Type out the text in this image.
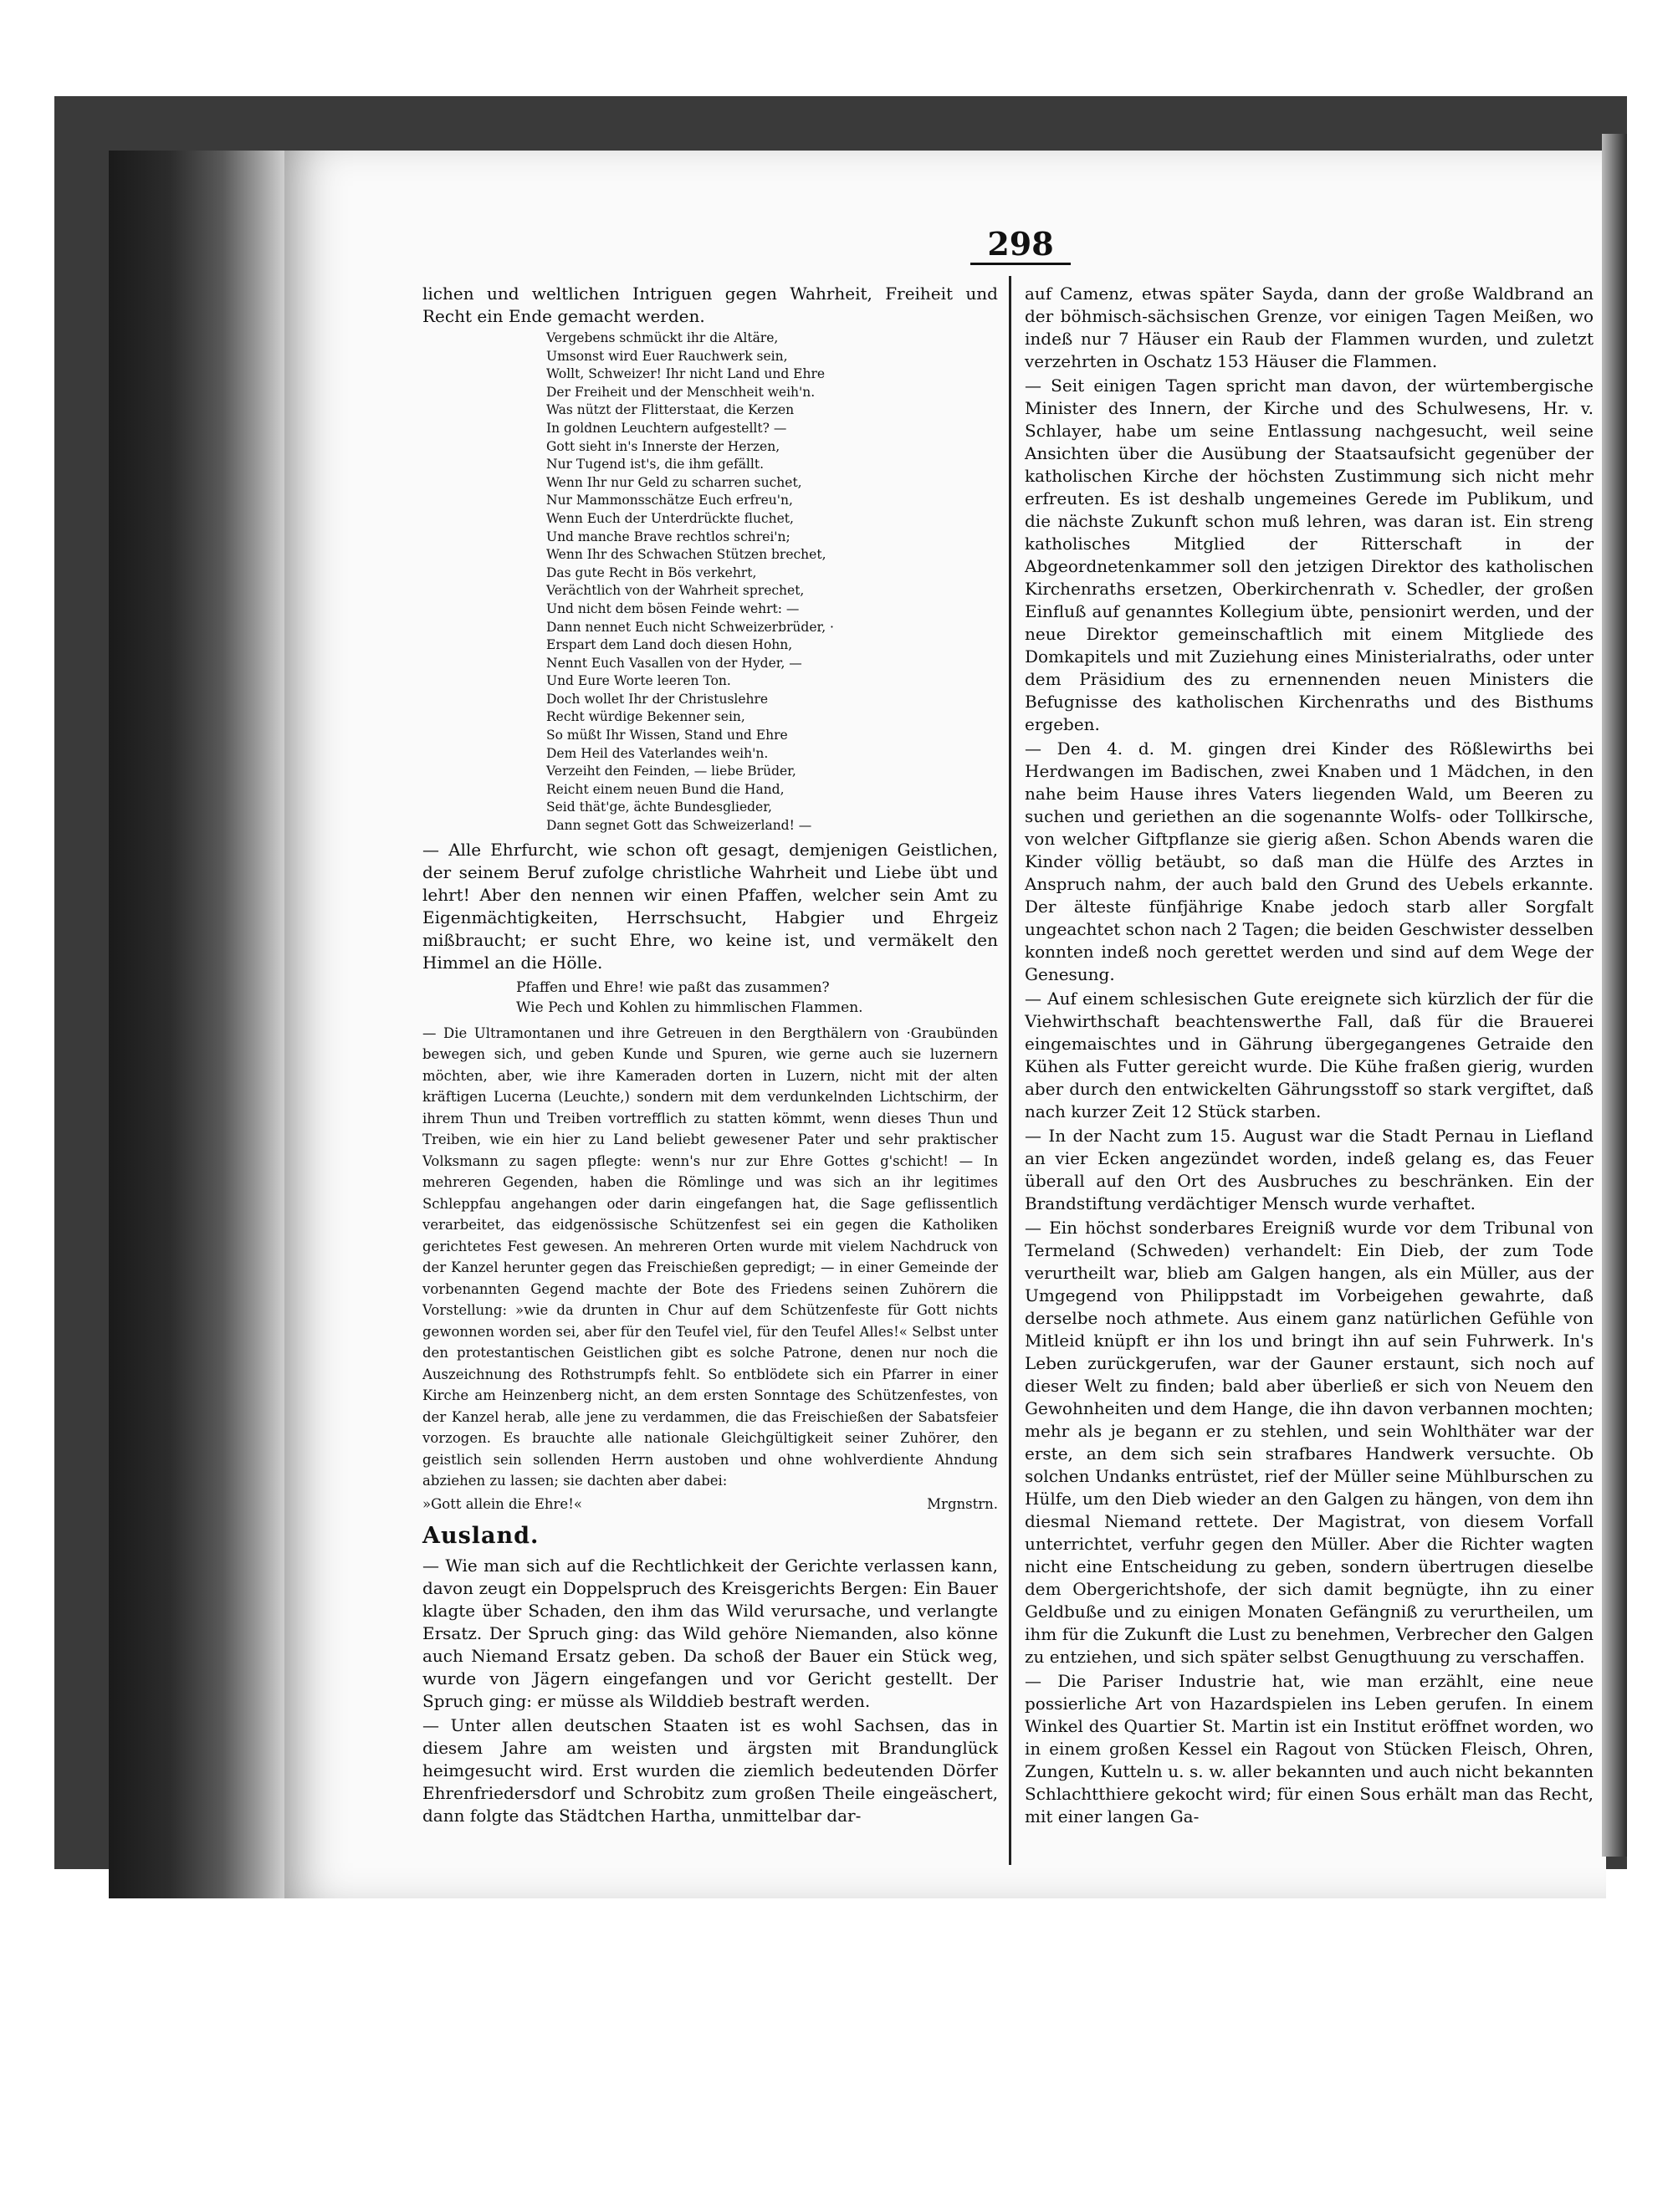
298

lichen und weltlichen Intriguen gegen Wahrheit, Freiheit und Recht ein Ende gemacht werden.

Vergebens schmückt ihr die Altäre,
Umsonst wird Euer Rauchwerk sein,
Wollt, Schweizer! Ihr nicht Land und Ehre
Der Freiheit und der Menschheit weih'n.
Was nützt der Flitterstaat, die Kerzen
In goldnen Leuchtern aufgestellt? —
Gott sieht in's Innerste der Herzen,
Nur Tugend ist's, die ihm gefällt.
Wenn Ihr nur Geld zu scharren suchet,
Nur Mammonsschätze Euch erfreu'n,
Wenn Euch der Unterdrückte fluchet,
Und manche Brave rechtlos schrei'n;
Wenn Ihr des Schwachen Stützen brechet,
Das gute Recht in Bös verkehrt,
Verächtlich von der Wahrheit sprechet,
Und nicht dem bösen Feinde wehrt: —
Dann nennet Euch nicht Schweizerbrüder, ·
Erspart dem Land doch diesen Hohn,
Nennt Euch Vasallen von der Hyder, —
Und Eure Worte leeren Ton.
Doch wollet Ihr der Christuslehre
Recht würdige Bekenner sein,
So müßt Ihr Wissen, Stand und Ehre
Dem Heil des Vaterlandes weih'n.
Verzeiht den Feinden, — liebe Brüder,
Reicht einem neuen Bund die Hand,
Seid thät'ge, ächte Bundesglieder,
Dann segnet Gott das Schweizerland! —

— Alle Ehrfurcht, wie schon oft gesagt, demjenigen Geistlichen, der seinem Beruf zufolge christliche Wahrheit und Liebe übt und lehrt! Aber den nennen wir einen Pfaffen, welcher sein Amt zu Eigenmächtigkeiten, Herrschsucht, Habgier und Ehrgeiz mißbraucht; er sucht Ehre, wo keine ist, und vermäkelt den Himmel an die Hölle.

Pfaffen und Ehre! wie paßt das zusammen?
Wie Pech und Kohlen zu himmlischen Flammen.

— Die Ultramontanen und ihre Getreuen in den Bergthälern von ·Graubünden bewegen sich, und geben Kunde und Spuren, wie gerne auch sie luzernern möchten, aber, wie ihre Kameraden dorten in Luzern, nicht mit der alten kräftigen Lucerna (Leuchte,) sondern mit dem verdunkelnden Lichtschirm, der ihrem Thun und Treiben vortrefflich zu statten kömmt, wenn dieses Thun und Treiben, wie ein hier zu Land beliebt gewesener Pater und sehr praktischer Volksmann zu sagen pflegte: wenn's nur zur Ehre Gottes g'schicht! — In mehreren Gegenden, haben die Römlinge und was sich an ihr legitimes Schleppfau angehangen oder darin eingefangen hat, die Sage geflissentlich verarbeitet, das eidgenössische Schützenfest sei ein gegen die Katholiken gerichtetes Fest gewesen. An mehreren Orten wurde mit vielem Nachdruck von der Kanzel herunter gegen das Freischießen gepredigt; — in einer Gemeinde der vorbenannten Gegend machte der Bote des Friedens seinen Zuhörern die Vorstellung: »wie da drunten in Chur auf dem Schützenfeste für Gott nichts gewonnen worden sei, aber für den Teufel viel, für den Teufel Alles!« Selbst unter den protestantischen Geistlichen gibt es solche Patrone, denen nur noch die Auszeichnung des Rothstrumpfs fehlt. So entblödete sich ein Pfarrer in einer Kirche am Heinzenberg nicht, an dem ersten Sonntage des Schützenfestes, von der Kanzel herab, alle jene zu verdammen, die das Freischießen der Sabatsfeier vorzogen. Es brauchte alle nationale Gleichgültigkeit seiner Zuhörer, den geistlich sein sollenden Herrn austoben und ohne wohlverdiente Ahndung abziehen zu lassen; sie dachten aber dabei:

»Gott allein die Ehre!«	Mrgnstrn.
Ausland.

— Wie man sich auf die Rechtlichkeit der Gerichte verlassen kann, davon zeugt ein Doppelspruch des Kreisgerichts Bergen: Ein Bauer klagte über Schaden, den ihm das Wild verursache, und verlangte Ersatz. Der Spruch ging: das Wild gehöre Niemanden, also könne auch Niemand Ersatz geben. Da schoß der Bauer ein Stück weg, wurde von Jägern eingefangen und vor Gericht gestellt. Der Spruch ging: er müsse als Wilddieb bestraft werden.

— Unter allen deutschen Staaten ist es wohl Sachsen, das in diesem Jahre am weisten und ärgsten mit Brandunglück heimgesucht wird. Erst wurden die ziemlich bedeutenden Dörfer Ehrenfriedersdorf und Schrobitz zum großen Theile eingeäschert, dann folgte das Städtchen Hartha, unmittelbar dar-

auf Camenz, etwas später Sayda, dann der große Waldbrand an der böhmisch-sächsischen Grenze, vor einigen Tagen Meißen, wo indeß nur 7 Häuser ein Raub der Flammen wurden, und zuletzt verzehrten in Oschatz 153 Häuser die Flammen.

— Seit einigen Tagen spricht man davon, der würtembergische Minister des Innern, der Kirche und des Schulwesens, Hr. v. Schlayer, habe um seine Entlassung nachgesucht, weil seine Ansichten über die Ausübung der Staatsaufsicht gegenüber der katholischen Kirche der höchsten Zustimmung sich nicht mehr erfreuten. Es ist deshalb ungemeines Gerede im Publikum, und die nächste Zukunft schon muß lehren, was daran ist. Ein streng katholisches Mitglied der Ritterschaft in der Abgeordnetenkammer soll den jetzigen Direktor des katholischen Kirchenraths ersetzen, Oberkirchenrath v. Schedler, der großen Einfluß auf genanntes Kollegium übte, pensionirt werden, und der neue Direktor gemeinschaftlich mit einem Mitgliede des Domkapitels und mit Zuziehung eines Ministerialraths, oder unter dem Präsidium des zu ernennenden neuen Ministers die Befugnisse des katholischen Kirchenraths und des Bisthums ergeben.

— Den 4. d. M. gingen drei Kinder des Rößlewirths bei Herdwangen im Badischen, zwei Knaben und 1 Mädchen, in den nahe beim Hause ihres Vaters liegenden Wald, um Beeren zu suchen und geriethen an die sogenannte Wolfs- oder Tollkirsche, von welcher Giftpflanze sie gierig aßen. Schon Abends waren die Kinder völlig betäubt, so daß man die Hülfe des Arztes in Anspruch nahm, der auch bald den Grund des Uebels erkannte. Der älteste fünfjährige Knabe jedoch starb aller Sorgfalt ungeachtet schon nach 2 Tagen; die beiden Geschwister desselben konnten indeß noch gerettet werden und sind auf dem Wege der Genesung.

— Auf einem schlesischen Gute ereignete sich kürzlich der für die Viehwirthschaft beachtenswerthe Fall, daß für die Brauerei eingemaischtes und in Gährung übergegangenes Getraide den Kühen als Futter gereicht wurde. Die Kühe fraßen gierig, wurden aber durch den entwickelten Gährungsstoff so stark vergiftet, daß nach kurzer Zeit 12 Stück starben.

— In der Nacht zum 15. August war die Stadt Pernau in Liefland an vier Ecken angezündet worden, indeß gelang es, das Feuer überall auf den Ort des Ausbruches zu beschränken. Ein der Brandstiftung verdächtiger Mensch wurde verhaftet.

— Ein höchst sonderbares Ereigniß wurde vor dem Tribunal von Termeland (Schweden) verhandelt: Ein Dieb, der zum Tode verurtheilt war, blieb am Galgen hangen, als ein Müller, aus der Umgegend von Philippstadt im Vorbeigehen gewahrte, daß derselbe noch athmete. Aus einem ganz natürlichen Gefühle von Mitleid knüpft er ihn los und bringt ihn auf sein Fuhrwerk. In's Leben zurückgerufen, war der Gauner erstaunt, sich noch auf dieser Welt zu finden; bald aber überließ er sich von Neuem den Gewohnheiten und dem Hange, die ihn davon verbannen mochten; mehr als je begann er zu stehlen, und sein Wohlthäter war der erste, an dem sich sein strafbares Handwerk versuchte. Ob solchen Undanks entrüstet, rief der Müller seine Mühlburschen zu Hülfe, um den Dieb wieder an den Galgen zu hängen, von dem ihn diesmal Niemand rettete. Der Magistrat, von diesem Vorfall unterrichtet, verfuhr gegen den Müller. Aber die Richter wagten nicht eine Entscheidung zu geben, sondern übertrugen dieselbe dem Obergerichtshofe, der sich damit begnügte, ihn zu einer Geldbuße und zu einigen Monaten Gefängniß zu verurtheilen, um ihm für die Zukunft die Lust zu benehmen, Verbrecher den Galgen zu entziehen, und sich später selbst Genugthuung zu verschaffen.

— Die Pariser Industrie hat, wie man erzählt, eine neue possierliche Art von Hazardspielen ins Leben gerufen. In einem Winkel des Quartier St. Martin ist ein Institut eröffnet worden, wo in einem großen Kessel ein Ragout von Stücken Fleisch, Ohren, Zungen, Kutteln u. s. w. aller bekannten und auch nicht bekannten Schlachtthiere gekocht wird; für einen Sous erhält man das Recht, mit einer langen Ga-
